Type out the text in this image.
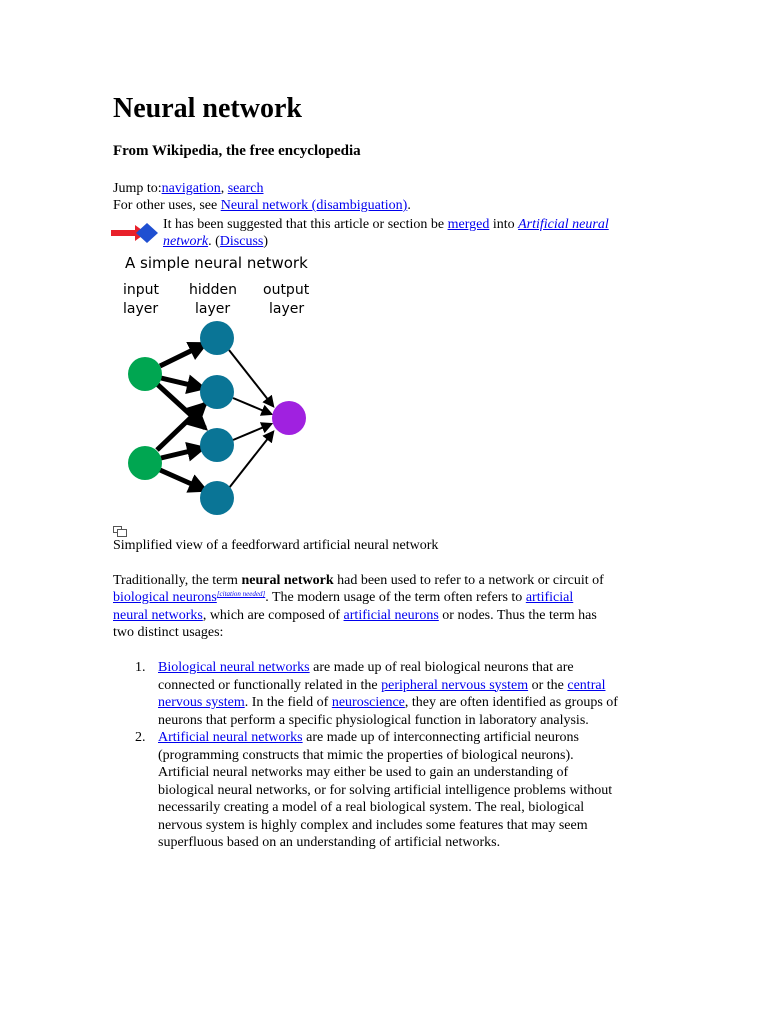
Neural network
From Wikipedia, the free encyclopedia
Jump to:navigation, search
For other uses, see Neural network (disambiguation).
It has been suggested that this article or section be merged into Artificial neural
network. (Discuss)
A simple neural network
input
layer
hidden
layer
output
layer
Simplified view of a feedforward artificial neural network
Traditionally, the term neural network had been used to refer to a network or circuit of
biological neurons[citation needed]. The modern usage of the term often refers to artificial
neural networks, which are composed of artificial neurons or nodes. Thus the term has
two distinct usages:
1. Biological neural networks are made up of real biological neurons that are
connected or functionally related in the peripheral nervous system or the central
nervous system. In the field of neuroscience, they are often identified as groups of
neurons that perform a specific physiological function in laboratory analysis.
2. Artificial neural networks are made up of interconnecting artificial neurons
(programming constructs that mimic the properties of biological neurons).
Artificial neural networks may either be used to gain an understanding of
biological neural networks, or for solving artificial intelligence problems without
necessarily creating a model of a real biological system. The real, biological
nervous system is highly complex and includes some features that may seem
superfluous based on an understanding of artificial networks.
